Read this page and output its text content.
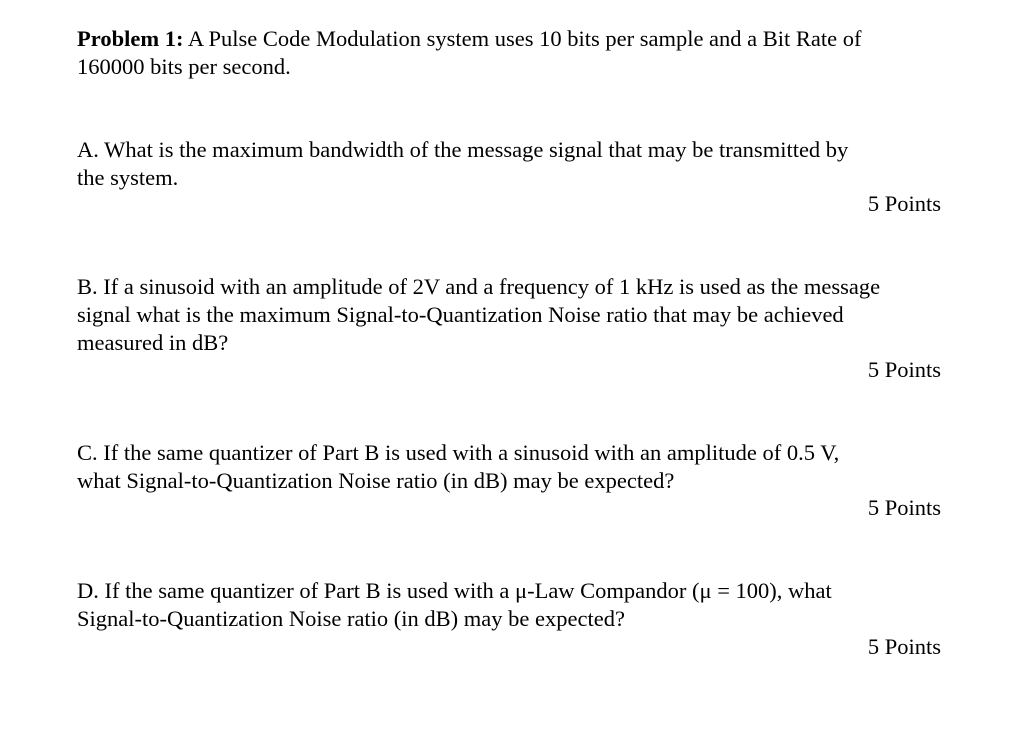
Problem 1: A Pulse Code Modulation system uses 10 bits per sample and a Bit Rate of
160000 bits per second.

A. What is the maximum bandwidth of the message signal that may be transmitted by
the system.

5 Points

B. If a sinusoid with an amplitude of 2V and a frequency of 1 kHz is used as the message
signal what is the maximum Signal-to-Quantization Noise ratio that may be achieved
measured in dB?

5 Points

C. If the same quantizer of Part B is used with a sinusoid with an amplitude of 0.5 V,
what Signal-to-Quantization Noise ratio (in dB) may be expected?

5 Points

D. If the same quantizer of Part B is used with a μ-Law Compandor (μ = 100), what
Signal-to-Quantization Noise ratio (in dB) may be expected?

5 Points
